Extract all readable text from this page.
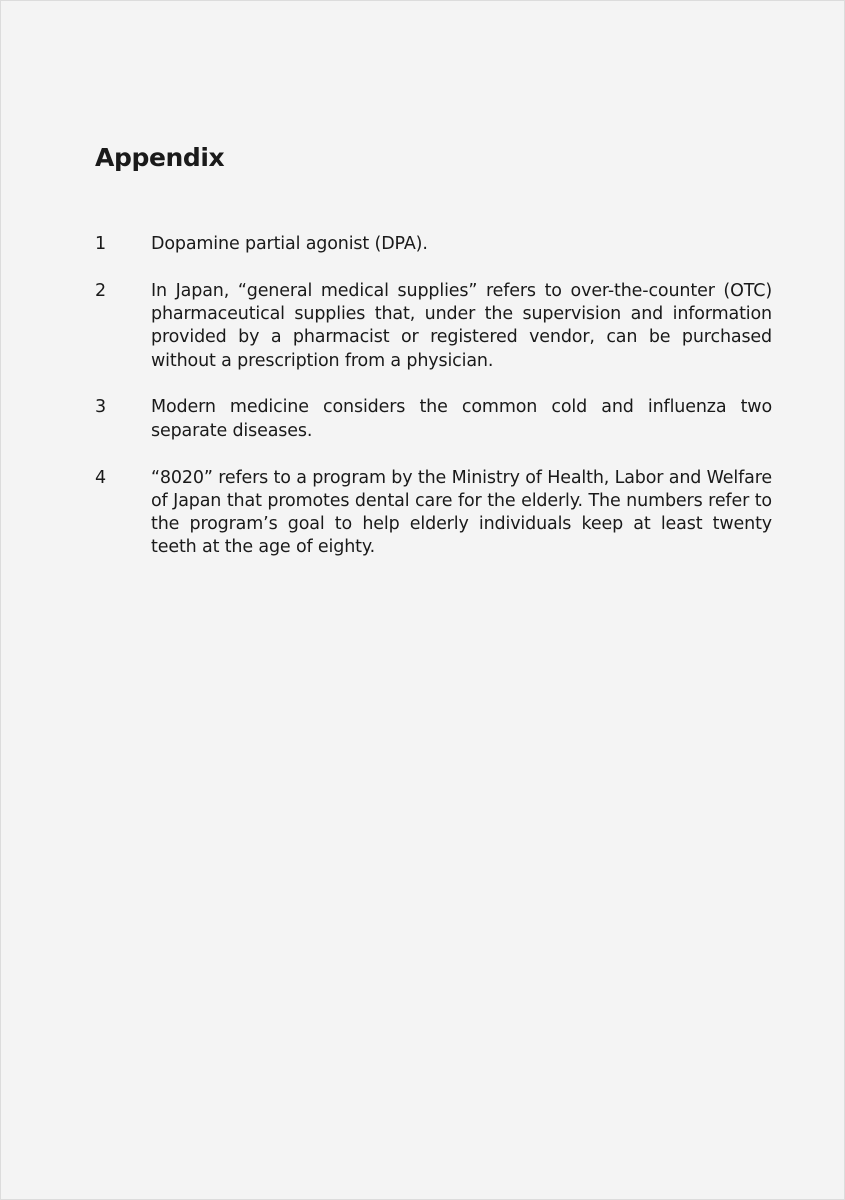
Appendix
1	Dopamine partial agonist (DPA).
2	In Japan, “general medical supplies” refers to over-the-counter (OTC) pharmaceutical supplies that, under the supervision and information provided by a pharmacist or registered vendor, can be purchased without a prescription from a physician.
3	Modern medicine considers the common cold and influenza two separate diseases.
4	“8020” refers to a program by the Ministry of Health, Labor and Welfare of Japan that promotes dental care for the elderly. The numbers refer to the program’s goal to help elderly individuals keep at least twenty teeth at the age of eighty.
